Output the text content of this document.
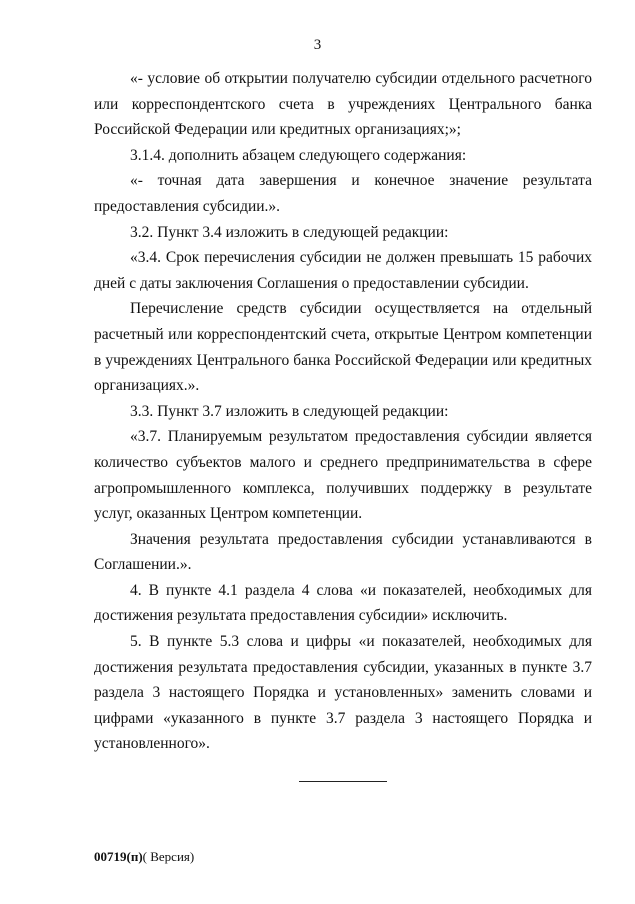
3

«- условие об открытии получателю субсидии отдельного расчетного или корреспондентского счета в учреждениях Центрального банка Российской Федерации или кредитных организациях;»;

3.1.4. дополнить абзацем следующего содержания:

«- точная дата завершения и конечное значение результата предоставления субсидии.».

3.2. Пункт 3.4 изложить в следующей редакции:

«3.4. Срок перечисления субсидии не должен превышать 15 рабочих дней с даты заключения Соглашения о предоставлении субсидии.

Перечисление средств субсидии осуществляется на отдельный расчетный или корреспондентский счета, открытые Центром компетенции в учреждениях Центрального банка Российской Федерации или кредитных организациях.».

3.3. Пункт 3.7 изложить в следующей редакции:

«3.7. Планируемым результатом предоставления субсидии является количество субъектов малого и среднего предпринимательства в сфере агропромышленного комплекса, получивших поддержку в результате услуг, оказанных Центром компетенции.

Значения результата предоставления субсидии устанавливаются в Соглашении.».

4. В пункте 4.1 раздела 4 слова «и показателей, необходимых для достижения результата предоставления субсидии» исключить.

5. В пункте 5.3 слова и цифры «и показателей, необходимых для достижения результата предоставления субсидии, указанных в пункте 3.7 раздела 3 настоящего Порядка и установленных» заменить словами и цифрами «указанного в пункте 3.7 раздела 3 настоящего Порядка и установленного».

00719(п)( Версия)
